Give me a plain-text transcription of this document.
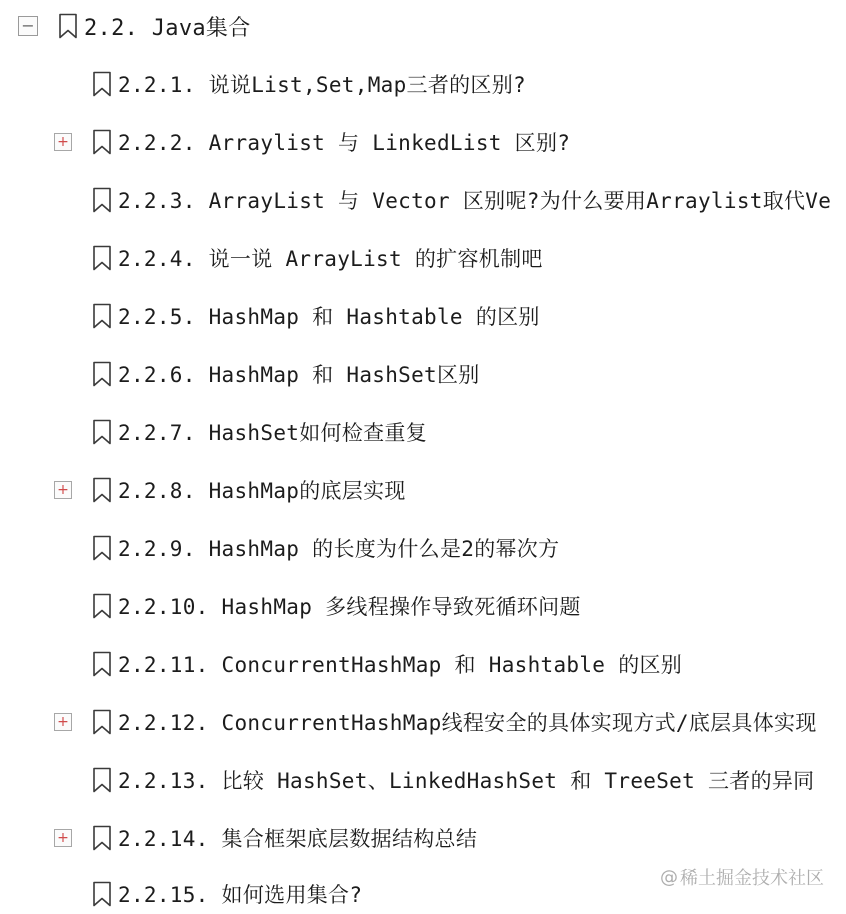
− 2.2. Java集合
2.2.1. 说说List,Set,Map三者的区别?
+ 2.2.2. Arraylist 与 LinkedList 区别?
2.2.3. ArrayList 与 Vector 区别呢?为什么要用Arraylist取代Ve
2.2.4. 说一说 ArrayList 的扩容机制吧
2.2.5. HashMap 和 Hashtable 的区别
2.2.6. HashMap 和 HashSet区别
2.2.7. HashSet如何检查重复
+ 2.2.8. HashMap的底层实现
2.2.9. HashMap 的长度为什么是2的幂次方
2.2.10. HashMap 多线程操作导致死循环问题
2.2.11. ConcurrentHashMap 和 Hashtable 的区别
+ 2.2.12. ConcurrentHashMap线程安全的具体实现方式/底层具体实现
2.2.13. 比较 HashSet、LinkedHashSet 和 TreeSet 三者的异同
+ 2.2.14. 集合框架底层数据结构总结
2.2.15. 如何选用集合?
@ 稀土掘金技术社区
